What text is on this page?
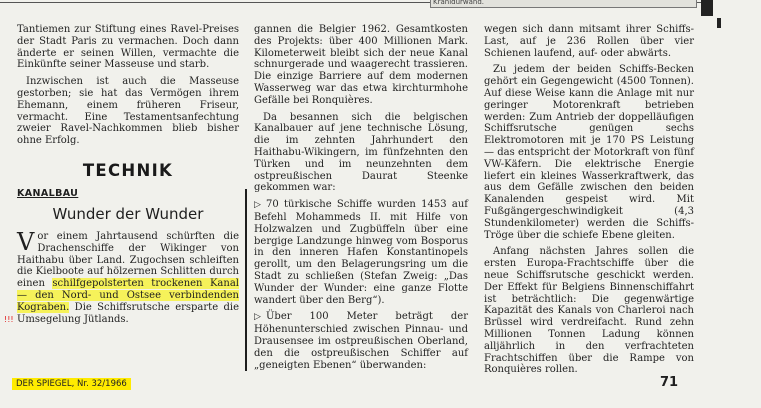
Kranidurwand.

Tantiemen zur Stiftung eines Ravel-Preises der Stadt Paris zu vermachen. Doch dann änderte er seinen Willen, vermachte die Einkünfte seiner Masseuse und starb.

Inzwischen ist auch die Masseuse gestorben; sie hat das Vermögen ihrem Ehemann, einem früheren Friseur, vermacht. Eine Testamentsanfechtung zweier Ravel-Nachkommen blieb bisher ohne Erfolg.

TECHNIK
KANALBAU
Wunder der Wunder

Vor einem Jahrtausend schürften die Drachenschiffe der Wikinger von Haithabu über Land. Zugochsen schleiften die Kielboote auf hölzernen Schlitten durch einen schilfgepolsterten trockenen Kanal — den Nord- und Ostsee verbindenden Kograben. Die Schiffsrutsche ersparte die Umsegelung Jütlands.

!!!

gannen die Belgier 1962. Gesamtkosten des Projekts: über 400 Millionen Mark. Kilometerweit bleibt sich der neue Kanal schnurgerade und waagerecht trassieren. Die einzige Barriere auf dem modernen Wasserweg war das etwa kirchturmhohe Gefälle bei Ronquières.

Da besannen sich die belgischen Kanalbauer auf jene technische Lösung, die im zehnten Jahrhundert den Haithabu-Wikingern, im fünfzehnten den Türken und im neunzehnten dem ostpreußischen Daurat Steenke gekommen war:

▷ 70 türkische Schiffe wurden 1453 auf Befehl Mohammeds II. mit Hilfe von Holzwalzen und Zugbüffeln über eine bergige Landzunge hinweg vom Bosporus in den inneren Hafen Konstantinopels gerollt, um den Belagerungsring um die Stadt zu schließen (Stefan Zweig: „Das Wunder der Wunder: eine ganze Flotte wandert über den Berg“).

▷ Über 100 Meter beträgt der Höhenunterschied zwischen Pinnau- und Drausensee im ostpreußischen Oberland, den die ostpreußischen Schiffer auf „geneigten Ebenen“ überwanden:

wegen sich dann mitsamt ihrer Schiffs-Last, auf je 236 Rollen über vier Schienen laufend, auf- oder abwärts.

Zu jedem der beiden Schiffs-Becken gehört ein Gegengewicht (4500 Tonnen). Auf diese Weise kann die Anlage mit nur geringer Motorenkraft betrieben werden: Zum Antrieb der doppelläufigen Schiffsrutsche genügen sechs Elektromotoren mit je 170 PS Leistung — das entspricht der Motorkraft von fünf VW-Käfern. Die elektrische Energie liefert ein kleines Wasserkraftwerk, das aus dem Gefälle zwischen den beiden Kanalenden gespeist wird. Mit Fußgängergeschwindigkeit (4,3 Stundenkilometer) werden die Schiffs-Tröge über die schiefe Ebene gleiten.

Anfang nächsten Jahres sollen die ersten Europa-Frachtschiffe über die neue Schiffsrutsche geschickt werden. Der Effekt für Belgiens Binnenschiffahrt ist beträchtlich: Die gegenwärtige Kapazität des Kanals von Charleroi nach Brüssel wird verdreifacht. Rund zehn Millionen Tonnen Ladung können alljährlich in den verfrachteten Frachtschiffen über die Rampe von Ronquières rollen.

DER SPIEGEL, Nr. 32/1966	71
